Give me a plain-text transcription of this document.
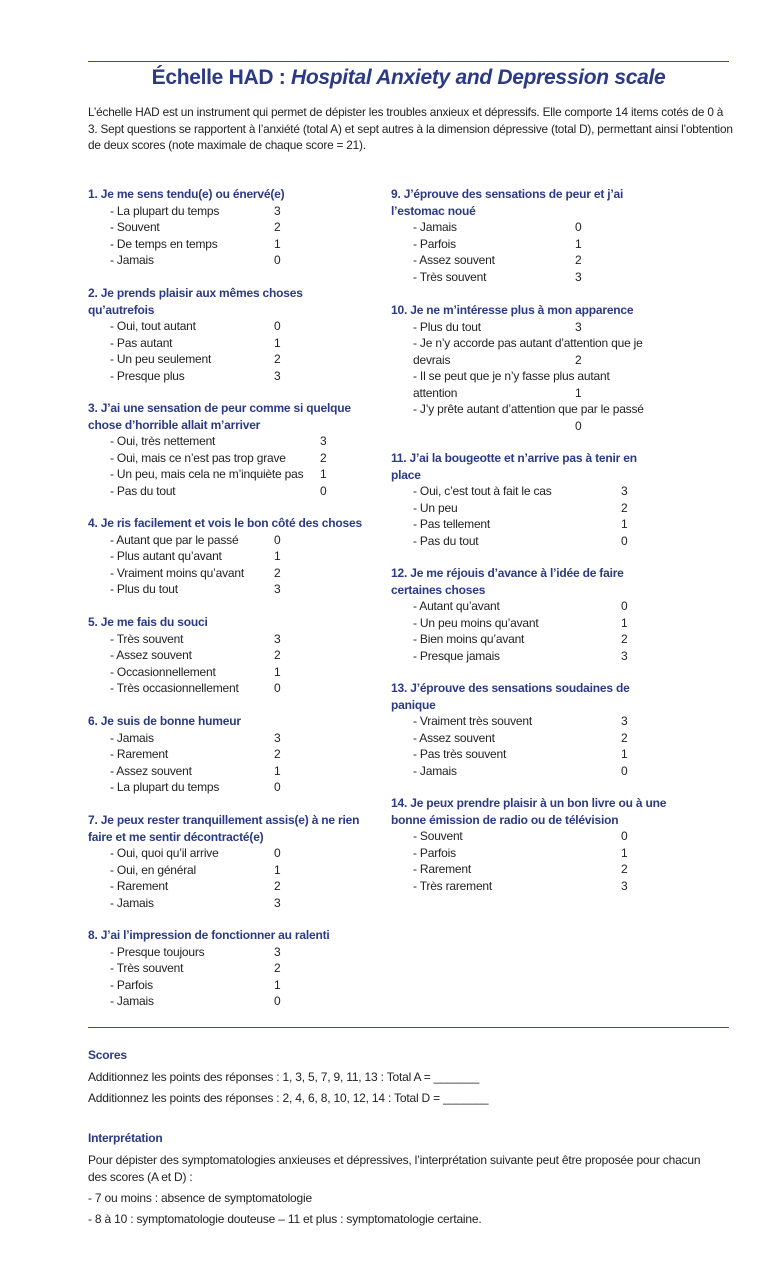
Échelle HAD : Hospital Anxiety and Depression scale
L’échelle HAD est un instrument qui permet de dépister les troubles anxieux et dépressifs. Elle comporte 14 items cotés de 0 à 3. Sept questions se rapportent à l’anxiété (total A) et sept autres à la dimension dépressive (total D), permettant ainsi l’obtention de deux scores (note maximale de chaque score = 21).
1. Je me sens tendu(e) ou énervé(e)
- La plupart du temps	3
- Souvent	2
- De temps en temps	1
- Jamais	0
2. Je prends plaisir aux mêmes choses qu’autrefois
- Oui, tout autant	0
- Pas autant	1
- Un peu seulement	2
- Presque plus	3
3. J’ai une sensation de peur comme si quelque chose d’horrible allait m’arriver
- Oui, très nettement	3
- Oui, mais ce n’est pas trop grave	2
- Un peu, mais cela ne m’inquiète pas 1
- Pas du tout	0
4. Je ris facilement et vois le bon côté des choses
- Autant que par le passé	0
- Plus autant qu’avant	1
- Vraiment moins qu’avant	2
- Plus du tout	3
5. Je me fais du souci
- Très souvent	3
- Assez souvent	2
- Occasionnellement	1
- Très occasionnellement	0
6. Je suis de bonne humeur
- Jamais	3
- Rarement	2
- Assez souvent	1
- La plupart du temps	0
7. Je peux rester tranquillement assis(e) à ne rien faire et me sentir décontracté(e)
- Oui, quoi qu’il arrive	0
- Oui, en général	1
- Rarement	2
- Jamais	3
8. J’ai l’impression de fonctionner au ralenti
- Presque toujours	3
- Très souvent	2
- Parfois	1
- Jamais	0
9. J’éprouve des sensations de peur et j’ai l’estomac noué
- Jamais	0
- Parfois	1
- Assez souvent	2
- Très souvent	3
10. Je ne m’intéresse plus à mon apparence
- Plus du tout	3
- Je n’y accorde pas autant d’attention que je devrais	2
- Il se peut que je n’y fasse plus autant attention	1
- J’y prête autant d’attention que par le passé
0
11. J’ai la bougeotte et n’arrive pas à tenir en place
- Oui, c’est tout à fait le cas	3
- Un peu	2
- Pas tellement	1
- Pas du tout	0
12. Je me réjouis d’avance à l’idée de faire certaines choses
- Autant qu’avant	0
- Un peu moins qu’avant	1
- Bien moins qu’avant	2
- Presque jamais	3
13. J’éprouve des sensations soudaines de panique
- Vraiment très souvent	3
- Assez souvent	2
- Pas très souvent	1
- Jamais	0
14. Je peux prendre plaisir à un bon livre ou à une bonne émission de radio ou de télévision
- Souvent	0
- Parfois	1
- Rarement	2
- Très rarement	3
Scores
Additionnez les points des réponses : 1, 3, 5, 7, 9, 11, 13 : Total A = _______
Additionnez les points des réponses : 2, 4, 6, 8, 10, 12, 14 : Total D = _______
Interprétation
Pour dépister des symptomatologies anxieuses et dépressives, l’interprétation suivante peut être proposée pour chacun des scores (A et D) :
- 7 ou moins : absence de symptomatologie
- 8 à 10 : symptomatologie douteuse – 11 et plus : symptomatologie certaine.
